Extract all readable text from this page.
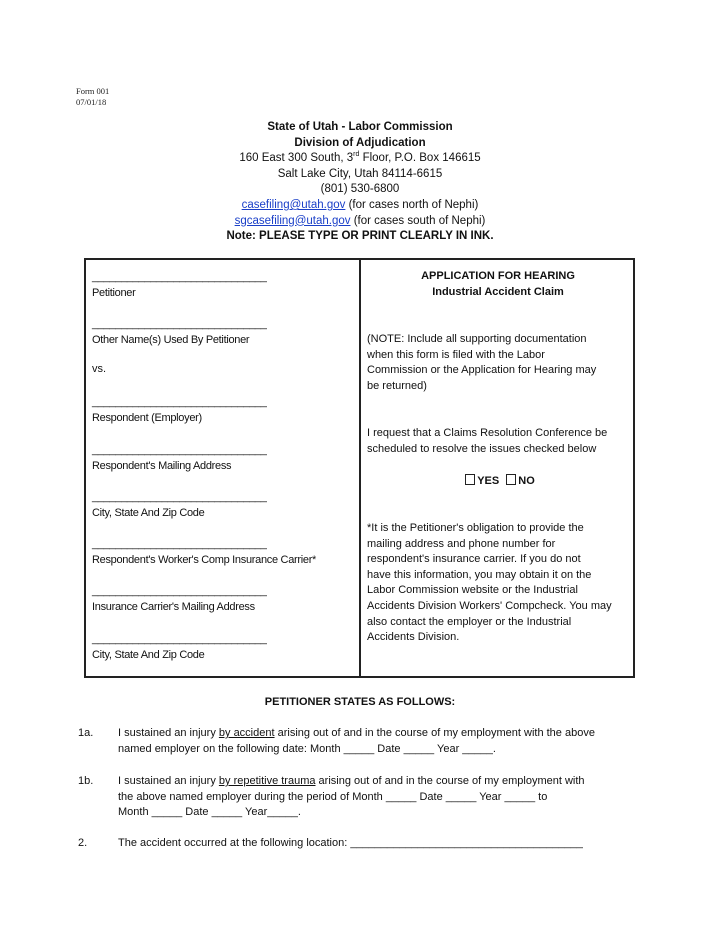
Form 001
07/01/18
State of Utah - Labor Commission
Division of Adjudication
160 East 300 South, 3rd Floor, P.O. Box 146615
Salt Lake City, Utah 84114-6615
(801) 530-6800
casefiling@utah.gov (for cases north of Nephi)
sgcasefiling@utah.gov (for cases south of Nephi)
Note: PLEASE TYPE OR PRINT CLEARLY IN INK.
______________________________
Petitioner
______________________________
Other Name(s) Used By Petitioner
vs.
______________________________
Respondent (Employer)
______________________________
Respondent's Mailing Address
______________________________
City, State And Zip Code
______________________________
Respondent's Worker's Comp Insurance Carrier*
______________________________
Insurance Carrier's Mailing Address
______________________________
City, State And Zip Code
APPLICATION FOR HEARING
Industrial Accident Claim
(NOTE: Include all supporting documentation
when this form is filed with the Labor
Commission or the Application for Hearing may
be returned)
I request that a Claims Resolution Conference be
scheduled to resolve the issues checked below
YES NO
*It is the Petitioner's obligation to provide the
mailing address and phone number for
respondent's insurance carrier. If you do not
have this information, you may obtain it on the
Labor Commission website or the Industrial
Accidents Division Workers' Compcheck. You may
also contact the employer or the Industrial
Accidents Division.
PETITIONER STATES AS FOLLOWS:
1a. I sustained an injury by accident arising out of and in the course of my employment with the above
named employer on the following date: Month _____ Date _____ Year _____.
1b. I sustained an injury by repetitive trauma arising out of and in the course of my employment with
the above named employer during the period of Month _____ Date _____ Year _____ to
Month _____ Date _____ Year_____.
2.	The accident occurred at the following location: ______________________________________
